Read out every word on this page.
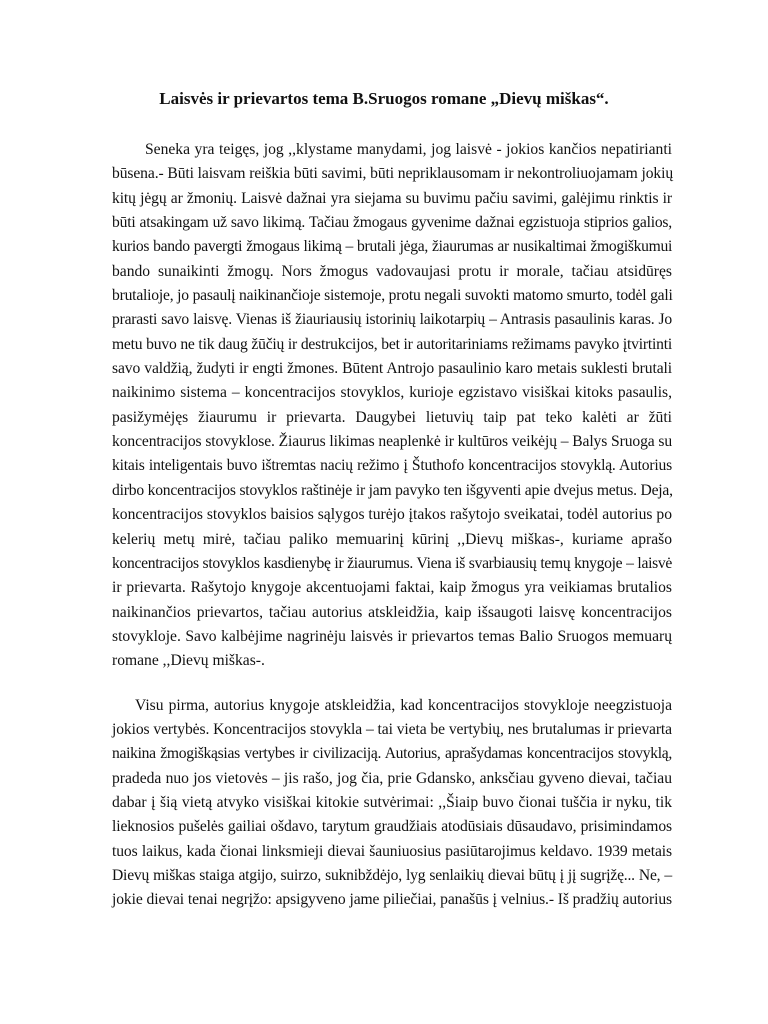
Laisvės ir prievartos tema B.Sruogos romane „Dievų miškas“.

Seneka yra teigęs, jog ,,klystame manydami, jog laisvė - jokios kančios nepatirianti
būsena.- Būti laisvam reiškia būti savimi, būti nepriklausomam ir nekontroliuojamam jokių
kitų jėgų ar žmonių. Laisvė dažnai yra siejama su buvimu pačiu savimi, galėjimu rinktis ir
būti atsakingam už savo likimą. Tačiau žmogaus gyvenime dažnai egzistuoja stiprios galios,
kurios bando pavergti žmogaus likimą – brutali jėga, žiaurumas ar nusikaltimai žmogiškumui
bando sunaikinti žmogų. Nors žmogus vadovaujasi protu ir morale, tačiau atsidūręs
brutalioje, jo pasaulį naikinančioje sistemoje, protu negali suvokti matomo smurto, todėl gali
prarasti savo laisvę. Vienas iš žiauriausių istorinių laikotarpių – Antrasis pasaulinis karas. Jo
metu buvo ne tik daug žūčių ir destrukcijos, bet ir autoritariniams režimams pavyko įtvirtinti
savo valdžią, žudyti ir engti žmones. Būtent Antrojo pasaulinio karo metais suklesti brutali
naikinimo sistema – koncentracijos stovyklos, kurioje egzistavo visiškai kitoks pasaulis,
pasižymėjęs žiaurumu ir prievarta. Daugybei lietuvių taip pat teko kalėti ar žūti
koncentracijos stovyklose. Žiaurus likimas neaplenkė ir kultūros veikėjų – Balys Sruoga su
kitais inteligentais buvo ištremtas nacių režimo į Štuthofo koncentracijos stovyklą. Autorius
dirbo koncentracijos stovyklos raštinėje ir jam pavyko ten išgyventi apie dvejus metus. Deja,
koncentracijos stovyklos baisios sąlygos turėjo įtakos rašytojo sveikatai, todėl autorius po
kelerių metų mirė, tačiau paliko memuarinį kūrinį ,,Dievų miškas-, kuriame aprašo
koncentracijos stovyklos kasdienybę ir žiaurumus. Viena iš svarbiausių temų knygoje – laisvė
ir prievarta. Rašytojo knygoje akcentuojami faktai, kaip žmogus yra veikiamas brutalios
naikinančios prievartos, tačiau autorius atskleidžia, kaip išsaugoti laisvę koncentracijos
stovykloje. Savo kalbėjime nagrinėju laisvės ir prievartos temas Balio Sruogos memuarų
romane ,,Dievų miškas-.

Visu pirma, autorius knygoje atskleidžia, kad koncentracijos stovykloje neegzistuoja
jokios vertybės. Koncentracijos stovykla – tai vieta be vertybių, nes brutalumas ir prievarta
naikina žmogiškąsias vertybes ir civilizaciją. Autorius, aprašydamas koncentracijos stovyklą,
pradeda nuo jos vietovės – jis rašo, jog čia, prie Gdansko, anksčiau gyveno dievai, tačiau
dabar į šią vietą atvyko visiškai kitokie sutvėrimai: ,,Šiaip buvo čionai tuščia ir nyku, tik
lieknosios pušelės gailiai ošdavo, tarytum graudžiais atodūsiais dūsaudavo, prisimindamos
tuos laikus, kada čionai linksmieji dievai šauniuosius pasiūtarojimus keldavo. 1939 metais
Dievų miškas staiga atgijo, suirzo, suknibždėjo, lyg senlaikių dievai būtų į jį sugrįžę... Ne, –
jokie dievai tenai negrįžo: apsigyveno jame piliečiai, panašūs į velnius.- Iš pradžių autorius
